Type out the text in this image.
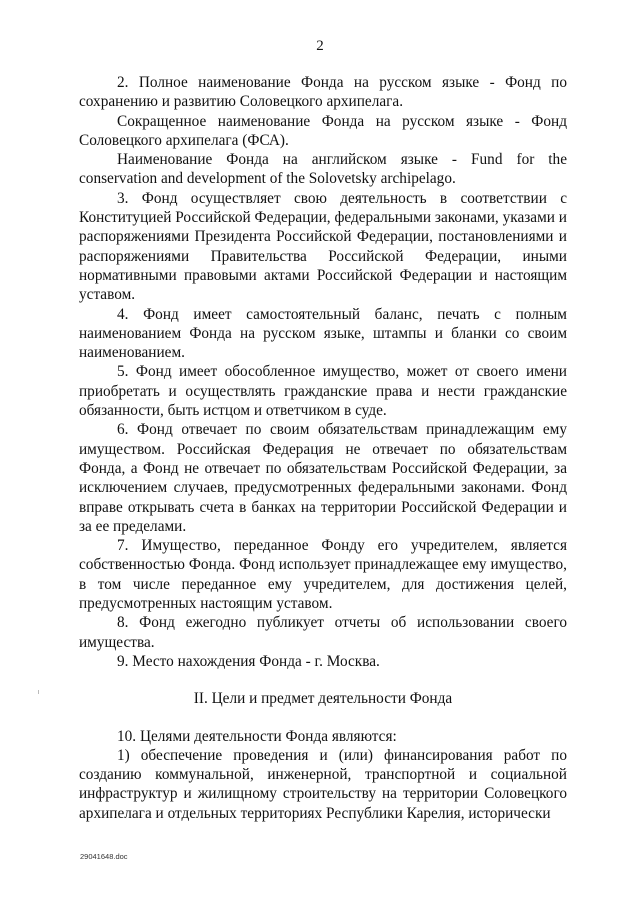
2

2. Полное наименование Фонда на русском языке - Фонд по сохранению и развитию Соловецкого архипелага.

Сокращенное наименование Фонда на русском языке - Фонд Соловецкого архипелага (ФСА).

Наименование Фонда на английском языке - Fund for the conservation and development of the Solovetsky archipelago.

3. Фонд осуществляет свою деятельность в соответствии с Конституцией Российской Федерации, федеральными законами, указами и распоряжениями Президента Российской Федерации, постановлениями и распоряжениями Правительства Российской Федерации, иными нормативными правовыми актами Российской Федерации и настоящим уставом.

4. Фонд имеет самостоятельный баланс, печать с полным наименованием Фонда на русском языке, штампы и бланки со своим наименованием.

5. Фонд имеет обособленное имущество, может от своего имени приобретать и осуществлять гражданские права и нести гражданские обязанности, быть истцом и ответчиком в суде.

6. Фонд отвечает по своим обязательствам принадлежащим ему имуществом. Российская Федерация не отвечает по обязательствам Фонда, а Фонд не отвечает по обязательствам Российской Федерации, за исключением случаев, предусмотренных федеральными законами. Фонд вправе открывать счета в банках на территории Российской Федерации и за ее пределами.

7. Имущество, переданное Фонду его учредителем, является собственностью Фонда. Фонд использует принадлежащее ему имущество, в том числе переданное ему учредителем, для достижения целей, предусмотренных настоящим уставом.

8. Фонд ежегодно публикует отчеты об использовании своего имущества.

9. Место нахождения Фонда - г. Москва.

II. Цели и предмет деятельности Фонда

10. Целями деятельности Фонда являются:

1) обеспечение проведения и (или) финансирования работ по созданию коммунальной, инженерной, транспортной и социальной инфраструктур и жилищному строительству на территории Соловецкого архипелага и отдельных территориях Республики Карелия, исторически

29041648.doc
